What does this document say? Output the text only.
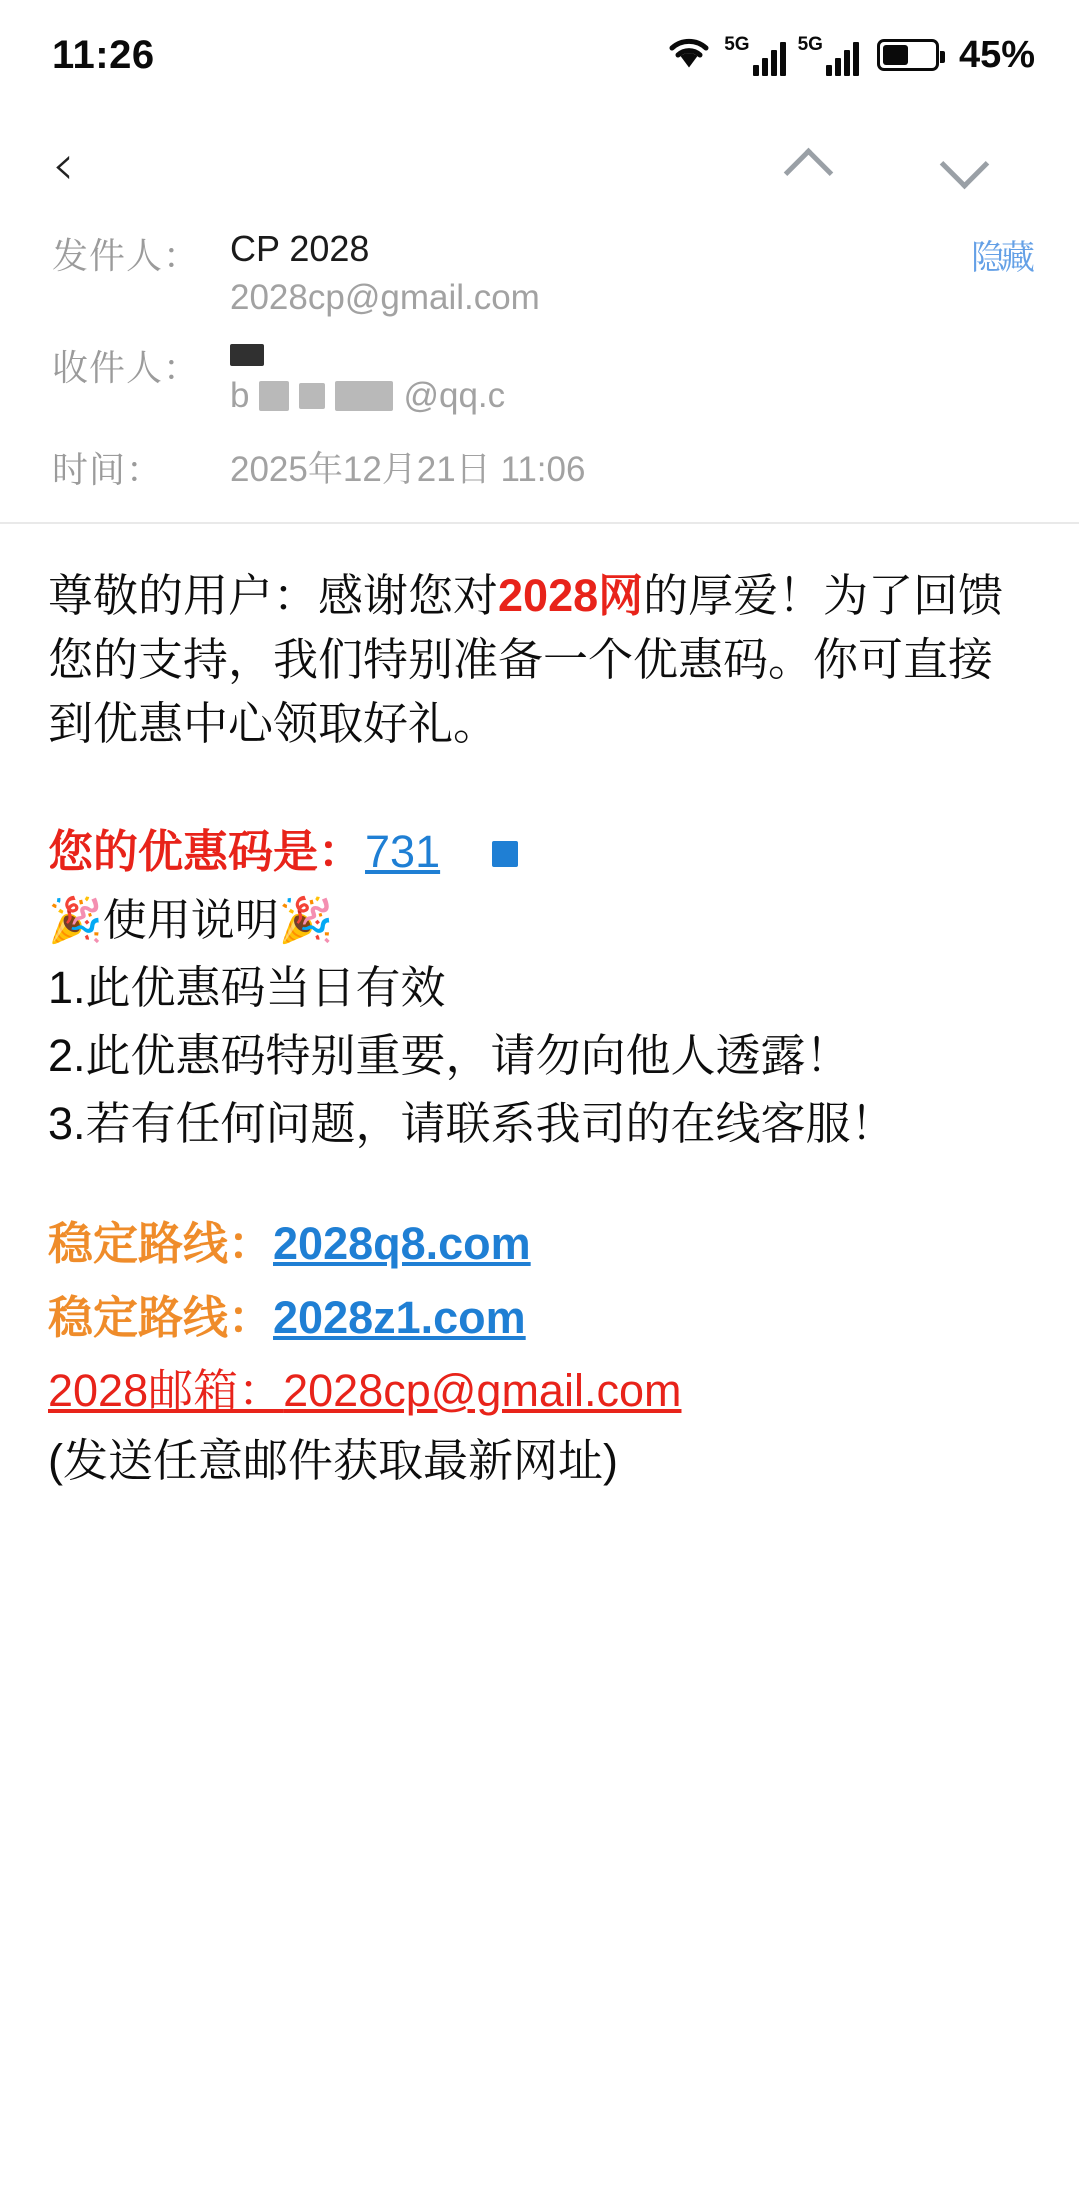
11:26	5G	5G	45%
‹
隐藏
发件人： CP 2028
2028cp@gmail.com
收件人：
b	@qq.c
时间：	2025年12月21日 11:06

尊敬的用户：感谢您对2028网的厚爱！为了回馈您的支持，我们特别准备一个优惠码。你可直接到优惠中心领取好礼。

您的优惠码是： 731

🎉使用说明🎉

1.此优惠码当日有效

2.此优惠码特别重要，请勿向他人透露！

3.若有任何问题，请联系我司的在线客服！

稳定路线：2028q8.com

稳定路线：2028z1.com

2028邮箱：2028cp@gmail.com

(发送任意邮件获取最新网址)
